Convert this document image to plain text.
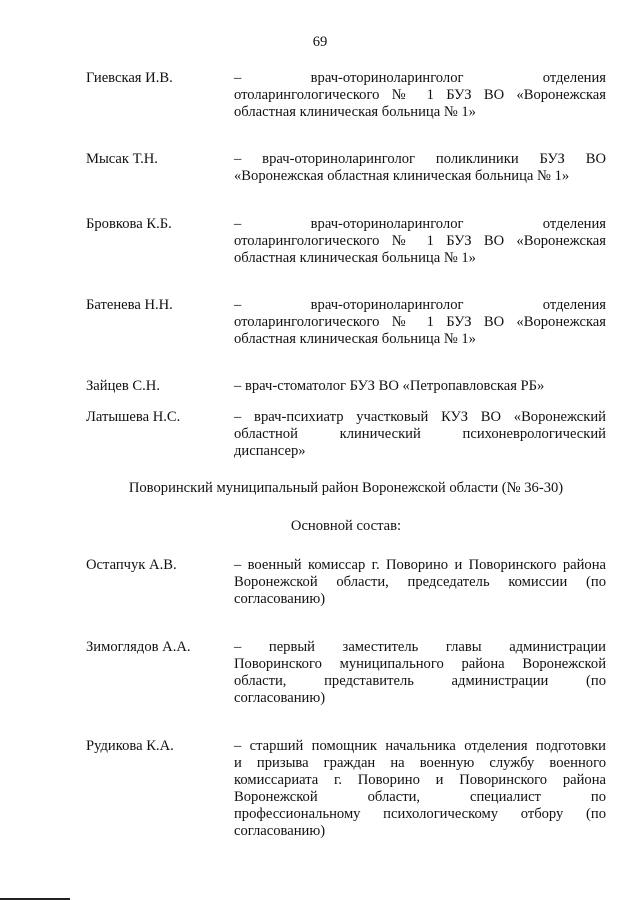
69
Гиевская И.В.	–              врач-оториноларинголог                отделения
отоларингологического № 1 БУЗ ВО «Воронежская
областная клиническая больница № 1»
Мысак Т.Н.	– врач-оториноларинголог поликлиники БУЗ ВО
«Воронежская областная клиническая больница № 1»
Бровкова К.Б.	–              врач-оториноларинголог                отделения
отоларингологического № 1 БУЗ ВО «Воронежская
областная клиническая больница № 1»
Батенева Н.Н.	–              врач-оториноларинголог                отделения
отоларингологического № 1 БУЗ ВО «Воронежская
областная клиническая больница № 1»
Зайцев С.Н.	– врач-стоматолог БУЗ ВО «Петропавловская РБ»
Латышева Н.С.	– врач-психиатр участковый КУЗ ВО «Воронежский
областной клинический психоневрологический
диспансер»
Поворинский муниципальный район Воронежской области (№ 36-30)
Основной состав:
Остапчук А.В.	– военный комиссар г. Поворино и Поворинского района
Воронежской области, председатель комиссии (по
согласованию)
Зимоглядов А.А.	– первый заместитель главы администрации
Поворинского муниципального района Воронежской
области, представитель администрации (по
согласованию)
Рудикова К.А.	– старший помощник начальника отделения подготовки
и призыва граждан на военную службу военного
комиссариата г. Поворино и Поворинского района
Воронежской области, специалист по
профессиональному психологическому отбору (по
согласованию)
